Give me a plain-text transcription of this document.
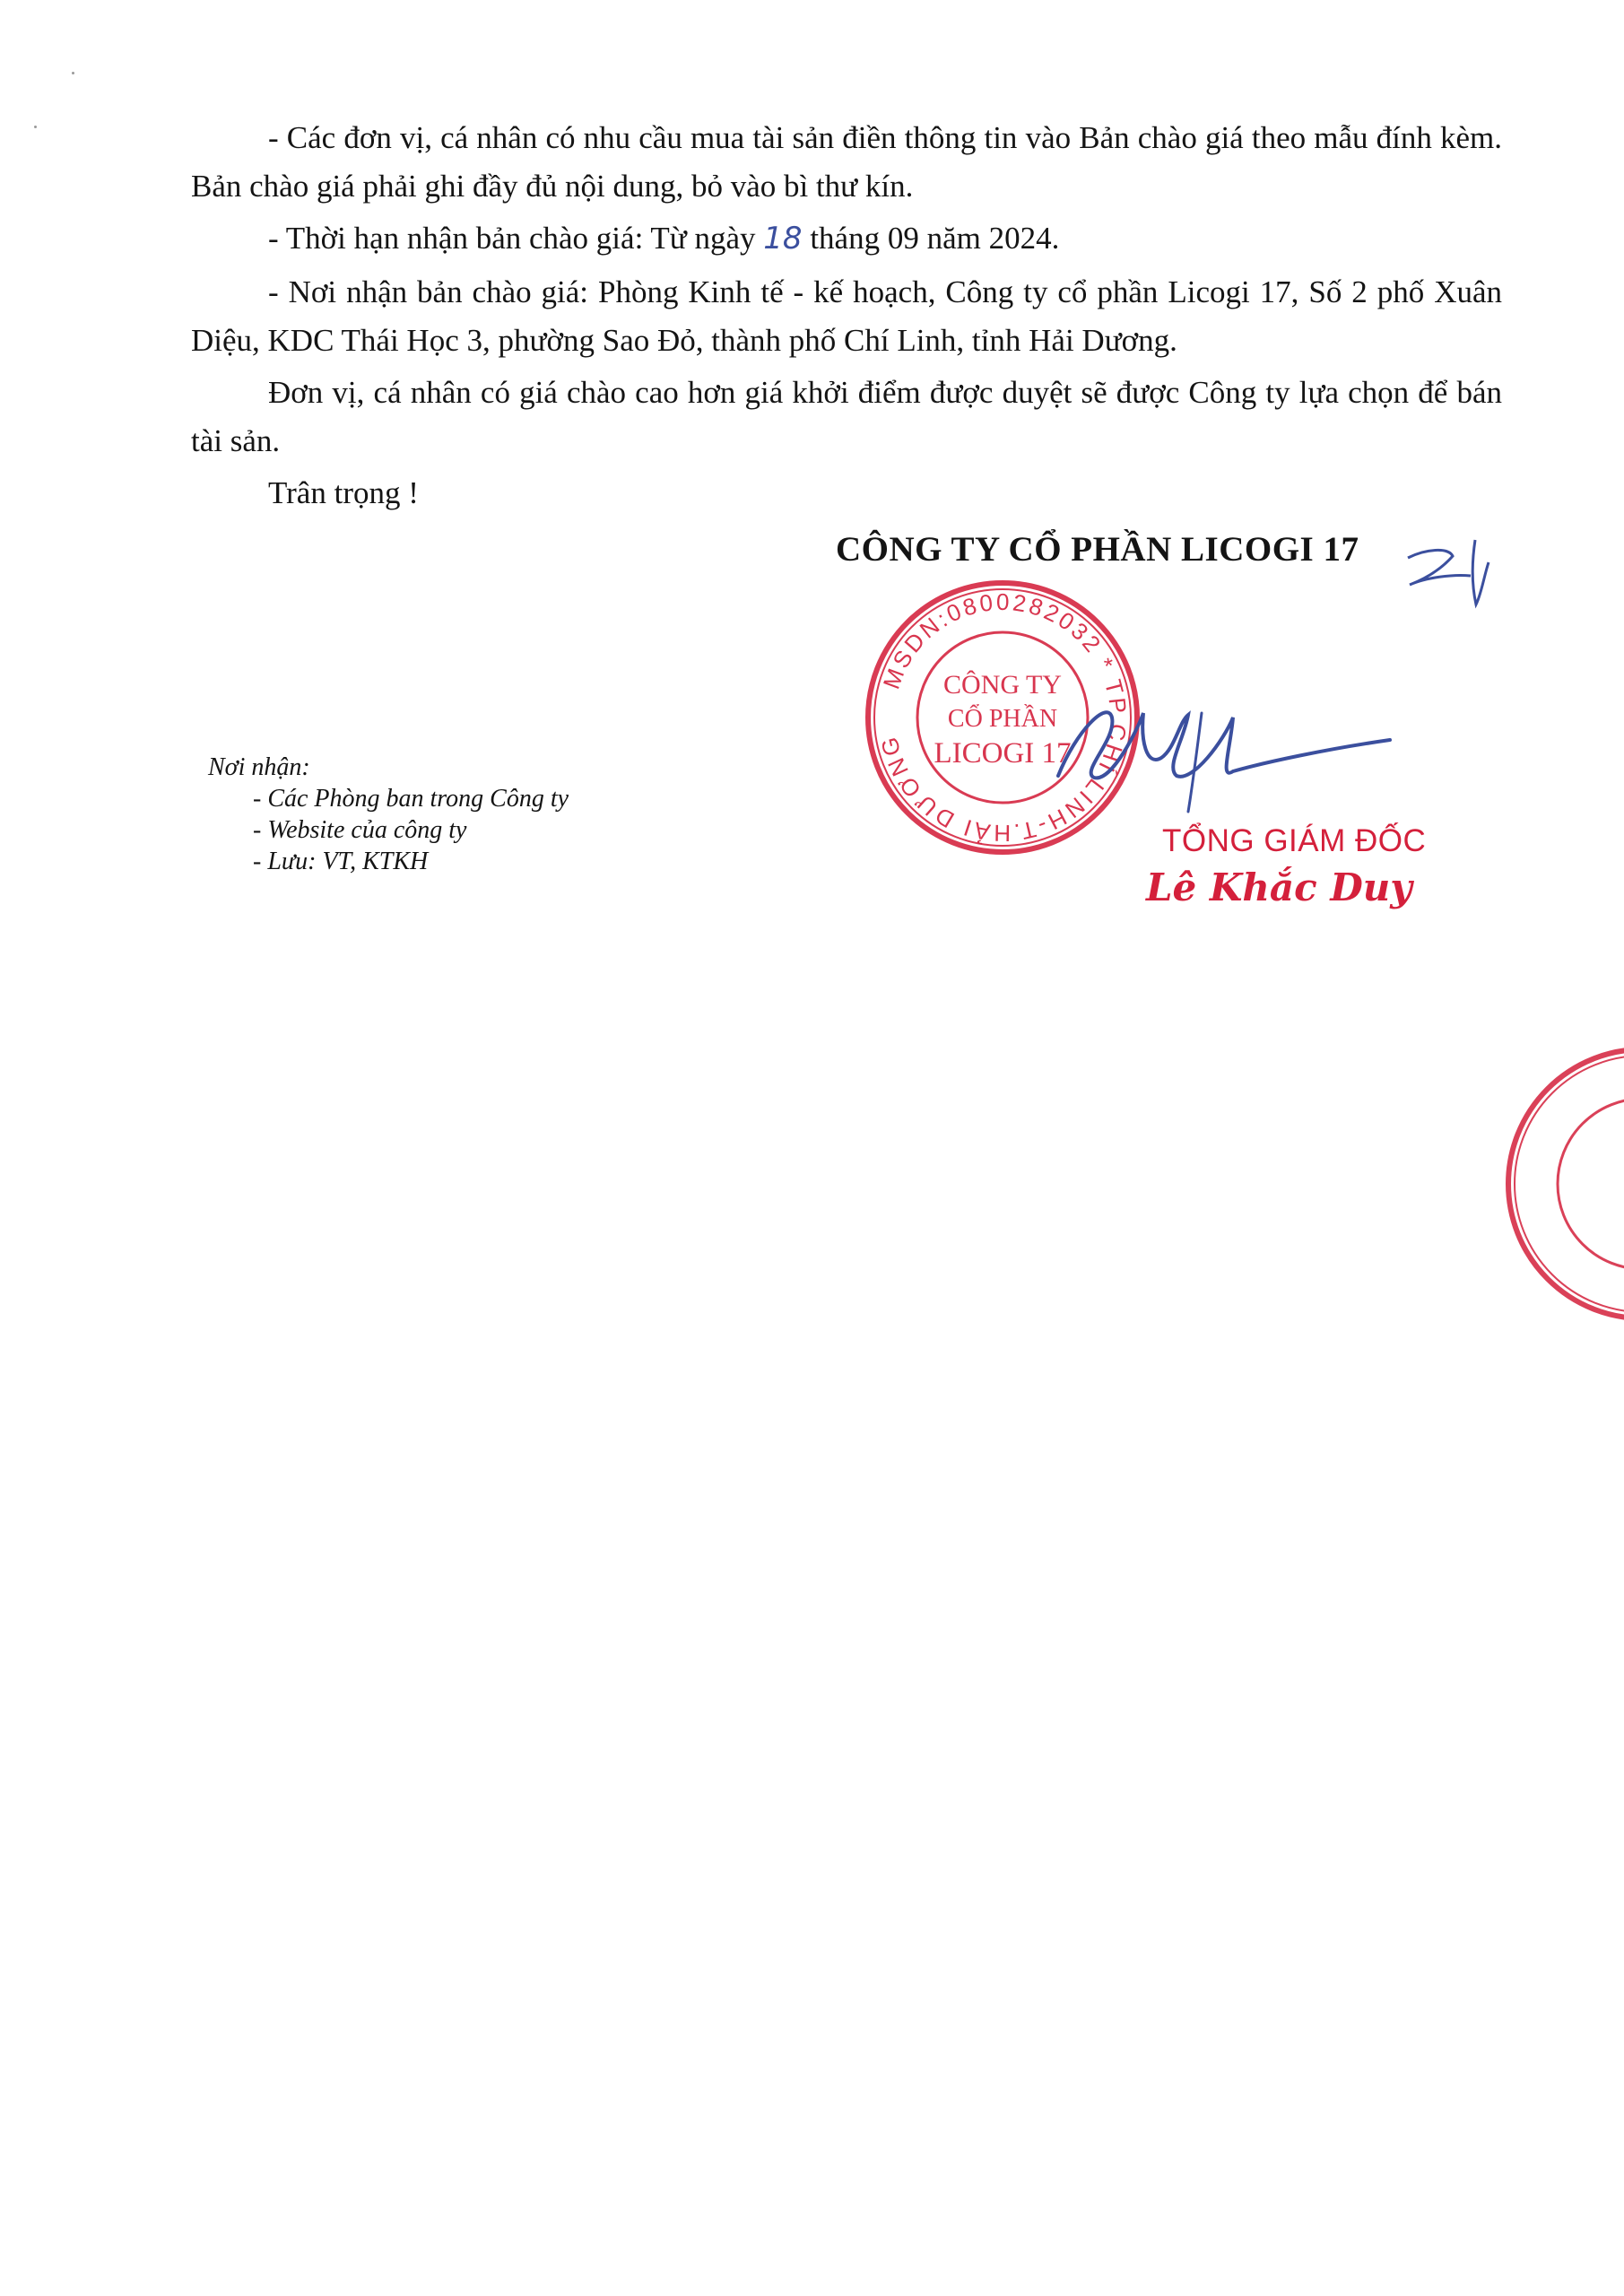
- Các đơn vị, cá nhân có nhu cầu mua tài sản điền thông tin vào Bản chào giá theo mẫu đính kèm. Bản chào giá phải ghi đầy đủ nội dung, bỏ vào bì thư kín.

- Thời hạn nhận bản chào giá: Từ ngày 18 tháng 09 năm 2024.

- Nơi nhận bản chào giá: Phòng Kinh tế - kế hoạch, Công ty cổ phần Licogi 17, Số 2 phố Xuân Diệu, KDC Thái Học 3, phường Sao Đỏ, thành phố Chí Linh, tỉnh Hải Dương.

Đơn vị, cá nhân có giá chào cao hơn giá khởi điểm được duyệt sẽ được Công ty lựa chọn để bán tài sản.

Trân trọng !

CÔNG TY CỔ PHẦN LICOGI 17
MSDN:0800282032 * TP.CHÍ LINH-T.HẢI DƯƠNG
CÔNG TY
CỔ PHẦN
LICOGI 17
TỔNG GIÁM ĐỐC
Lê Khắc Duy

Nơi nhận:

- Các Phòng ban trong Công ty
- Website của công ty
- Lưu: VT, KTKH
